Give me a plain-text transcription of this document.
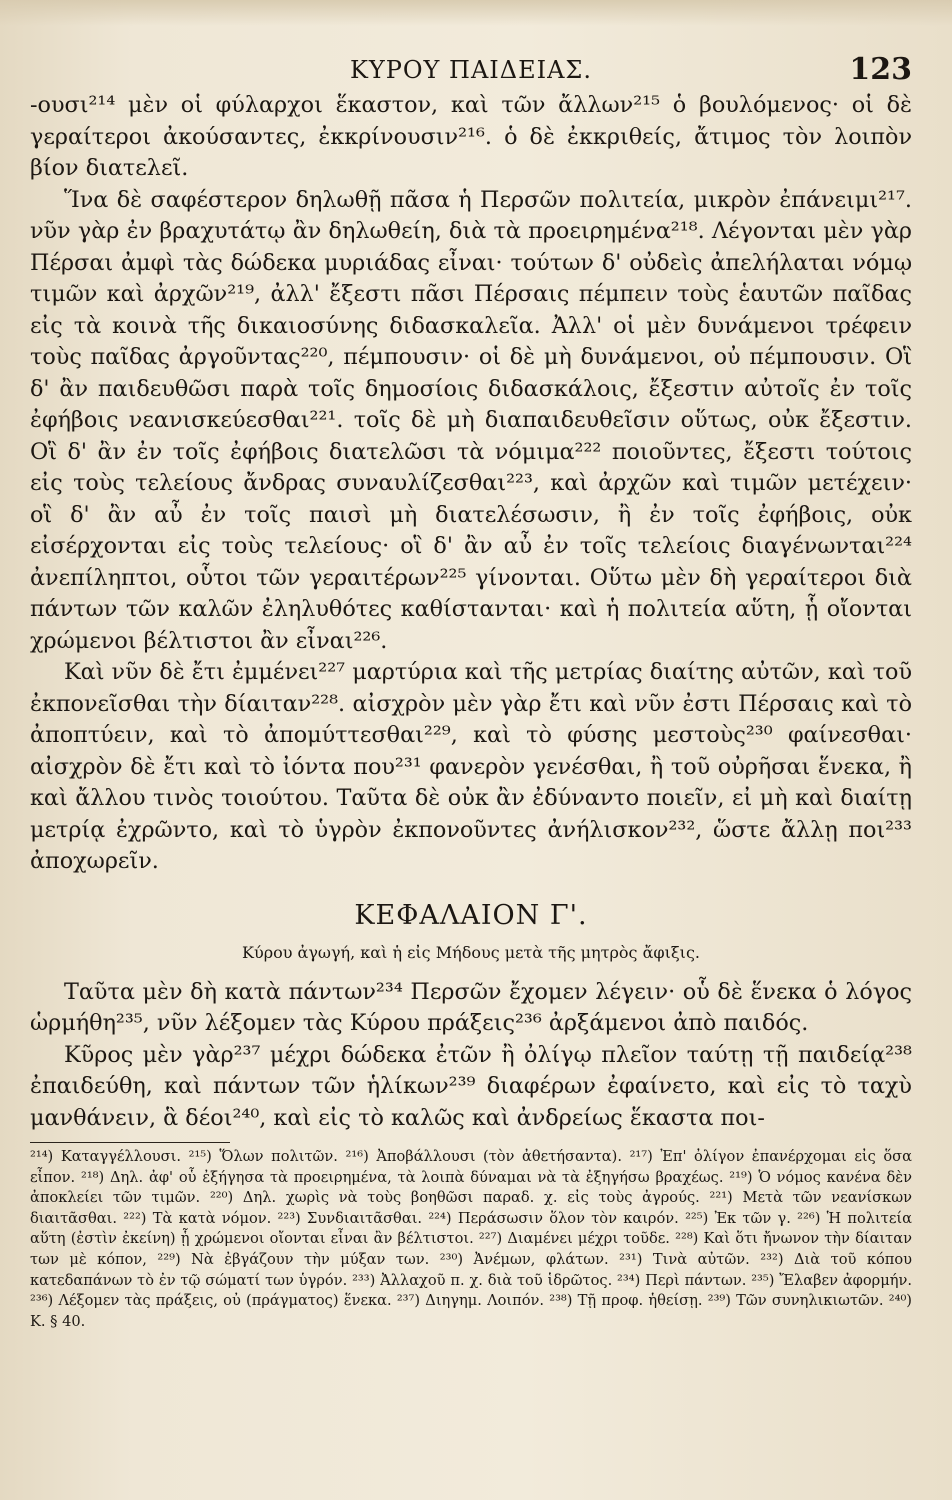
ΚΥΡΟΥ ΠΑΙΔΕΙΑΣ.	123

‑ουσι²¹⁴ μὲν οἱ φύλαρχοι ἕκαστον, καὶ τῶν ἄλλων²¹⁵ ὁ βουλόμενος· οἱ δὲ γεραίτεροι ἀκούσαντες, ἐκκρίνουσιν²¹⁶. ὁ δὲ ἐκκριθείς, ἄτιμος τὸν λοιπὸν βίον διατελεῖ.

Ἵνα δὲ σαφέστερον δηλωθῇ πᾶσα ἡ Περσῶν πολιτεία, μικρὸν ἐπάνειμι²¹⁷. νῦν γὰρ ἐν βραχυτάτῳ ἂν δηλωθείη, διὰ τὰ προειρημένα²¹⁸. Λέγονται μὲν γὰρ Πέρσαι ἀμφὶ τὰς δώδεκα μυριάδας εἶναι· τούτων δ' οὐδεὶς ἀπελήλαται νόμῳ τιμῶν καὶ ἀρχῶν²¹⁹, ἀλλ' ἔξεστι πᾶσι Πέρσαις πέμπειν τοὺς ἑαυτῶν παῖδας εἰς τὰ κοινὰ τῆς δικαιοσύνης διδασκαλεῖα. Ἀλλ' οἱ μὲν δυνάμενοι τρέφειν τοὺς παῖδας ἀργοῦντας²²⁰, πέμπουσιν· οἱ δὲ μὴ δυνάμενοι, οὐ πέμπουσιν. Οἳ δ' ἂν παιδευθῶσι παρὰ τοῖς δημοσίοις διδασκάλοις, ἔξεστιν αὐτοῖς ἐν τοῖς ἐφήβοις νεανισκεύεσθαι²²¹. τοῖς δὲ μὴ διαπαιδευθεῖσιν οὕτως, οὐκ ἔξεστιν. Οἳ δ' ἂν ἐν τοῖς ἐφήβοις διατελῶσι τὰ νόμιμα²²² ποιοῦντες, ἔξεστι τούτοις εἰς τοὺς τελείους ἄνδρας συναυλίζεσθαι²²³, καὶ ἀρχῶν καὶ τιμῶν μετέχειν· οἳ δ' ἂν αὖ ἐν τοῖς παισὶ μὴ διατελέσωσιν, ἢ ἐν τοῖς ἐφήβοις, οὐκ εἰσέρχονται εἰς τοὺς τελείους· οἳ δ' ἂν αὖ ἐν τοῖς τελείοις διαγένωνται²²⁴ ἀνεπίληπτοι, οὗτοι τῶν γεραιτέρων²²⁵ γίνονται. Οὕτω μὲν δὴ γεραίτεροι διὰ πάντων τῶν καλῶν ἐληλυθότες καθίστανται· καὶ ἡ πολιτεία αὕτη, ᾗ οἴονται χρώμενοι βέλτιστοι ἂν εἶναι²²⁶.

Καὶ νῦν δὲ ἔτι ἐμμένει²²⁷ μαρτύρια καὶ τῆς μετρίας διαίτης αὐτῶν, καὶ τοῦ ἐκπονεῖσθαι τὴν δίαιταν²²⁸. αἰσχρὸν μὲν γὰρ ἔτι καὶ νῦν ἐστι Πέρσαις καὶ τὸ ἀποπτύειν, καὶ τὸ ἀπομύττεσθαι²²⁹, καὶ τὸ φύσης μεστοὺς²³⁰ φαίνεσθαι· αἰσχρὸν δὲ ἔτι καὶ τὸ ἰόντα που²³¹ φανερὸν γενέσθαι, ἢ τοῦ οὐρῆσαι ἕνεκα, ἢ καὶ ἄλλου τινὸς τοιούτου. Ταῦτα δὲ οὐκ ἂν ἐδύναντο ποιεῖν, εἰ μὴ καὶ διαίτῃ μετρίᾳ ἐχρῶντο, καὶ τὸ ὑγρὸν ἐκπονοῦντες ἀνήλισκον²³², ὥστε ἄλλῃ ποι²³³ ἀποχωρεῖν.

ΚΕΦΑΛΑΙΟΝ Γ'.
Κύρου ἀγωγή, καὶ ἡ εἰς Μήδους μετὰ τῆς μητρὸς ἄφιξις.

Ταῦτα μὲν δὴ κατὰ πάντων²³⁴ Περσῶν ἔχομεν λέγειν· οὗ δὲ ἕνεκα ὁ λόγος ὡρμήθη²³⁵, νῦν λέξομεν τὰς Κύρου πράξεις²³⁶ ἀρξάμενοι ἀπὸ παιδός.

Κῦρος μὲν γὰρ²³⁷ μέχρι δώδεκα ἐτῶν ἢ ὀλίγῳ πλεῖον ταύτῃ τῇ παιδείᾳ²³⁸ ἐπαιδεύθη, καὶ πάντων τῶν ἡλίκων²³⁹ διαφέρων ἐφαίνετο, καὶ εἰς τὸ ταχὺ μανθάνειν, ἃ δέοι²⁴⁰, καὶ εἰς τὸ καλῶς καὶ ἀνδρείως ἕκαστα ποι-

²¹⁴) Καταγγέλλουσι. ²¹⁵) Ὅλων πολιτῶν. ²¹⁶) Ἀποβάλλουσι (τὸν ἀθετήσαντα). ²¹⁷) Ἐπ' ὀλίγον ἐπανέρχομαι εἰς ὅσα εἶπον. ²¹⁸) Δηλ. ἀφ' οὗ ἐξήγησα τὰ προειρημένα, τὰ λοιπὰ δύναμαι νὰ τὰ ἐξηγήσω βραχέως. ²¹⁹) Ὁ νόμος κανένα δὲν ἀποκλείει τῶν τιμῶν. ²²⁰) Δηλ. χωρὶς νὰ τοὺς βοηθῶσι παραδ. χ. εἰς τοὺς ἀγρούς. ²²¹) Μετὰ τῶν νεανίσκων διαιτᾶσθαι. ²²²) Τὰ κατὰ νόμον. ²²³) Συνδιαιτᾶσθαι. ²²⁴) Περάσωσιν ὅλον τὸν καιρόν. ²²⁵) Ἐκ τῶν γ. ²²⁶) Ἡ πολιτεία αὕτη (ἐστὶν ἐκείνη) ᾗ χρώμενοι οἴονται εἶναι ἂν βέλτιστοι. ²²⁷) Διαμένει μέχρι τοῦδε. ²²⁸) Καὶ ὅτι ἤνωνον τὴν δίαιταν των μὲ κόπον, ²²⁹) Νὰ ἐβγάζουν τὴν μύξαν των. ²³⁰) Ἀνέμων, φλάτων. ²³¹) Τινὰ αὐτῶν. ²³²) Διὰ τοῦ κόπου κατεδαπάνων τὸ ἐν τῷ σώματί των ὑγρόν. ²³³) Ἀλλαχοῦ π. χ. διὰ τοῦ ἱδρῶτος. ²³⁴) Περὶ πάντων. ²³⁵) Ἔλαβεν ἀφορμήν. ²³⁶) Λέξομεν τὰς πράξεις, οὐ (πράγματος) ἕνεκα. ²³⁷) Διηγημ. Λοιπόν. ²³⁸) Τῇ προφ. ἡθείσῃ. ²³⁹) Τῶν συνηλικιωτῶν. ²⁴⁰) Κ. § 40.
